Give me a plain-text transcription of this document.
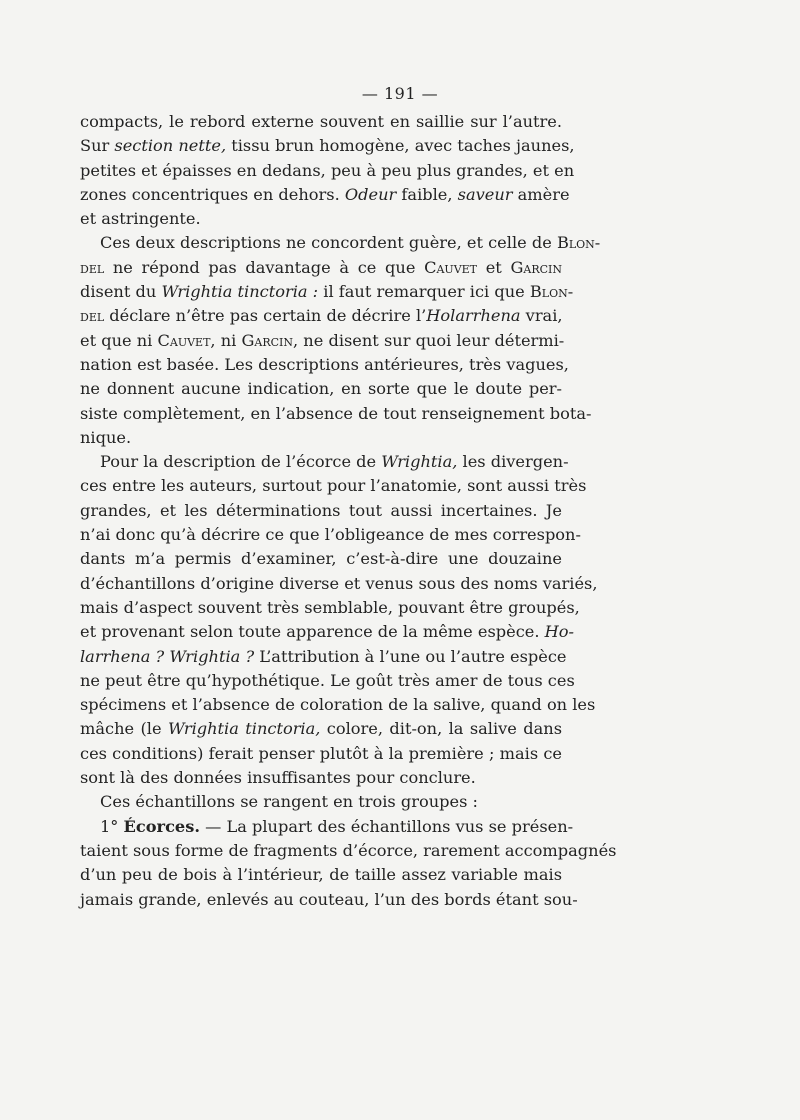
— 191 —
compacts, le rebord externe souvent en saillie sur l’autre.
Sur section nette, tissu brun homogène, avec taches jaunes,
petites et épaisses en dedans, peu à peu plus grandes, et en
zones concentriques en dehors. Odeur faible, saveur amère
et astringente.
Ces deux descriptions ne concordent guère, et celle de Blon-
del ne répond pas davantage à ce que Cauvet et Garcin
disent du Wrightia tinctoria : il faut remarquer ici que Blon-
del déclare n’être pas certain de décrire l’Holarrhena vrai,
et que ni Cauvet, ni Garcin, ne disent sur quoi leur détermi-
nation est basée. Les descriptions antérieures, très vagues,
ne donnent aucune indication, en sorte que le doute per-
siste complètement, en l’absence de tout renseignement bota-
nique.
Pour la description de l’écorce de Wrightia, les divergen-
ces entre les auteurs, surtout pour l’anatomie, sont aussi très
grandes, et les déterminations tout aussi incertaines. Je
n’ai donc qu’à décrire ce que l’obligeance de mes correspon-
dants m’a permis d’examiner, c’est-à-dire une douzaine
d’échantillons d’origine diverse et venus sous des noms variés,
mais d’aspect souvent très semblable, pouvant être groupés,
et provenant selon toute apparence de la même espèce. Ho-
larrhena ? Wrightia ? L’attribution à l’une ou l’autre espèce
ne peut être qu’hypothétique. Le goût très amer de tous ces
spécimens et l’absence de coloration de la salive, quand on les
mâche (le Wrightia tinctoria, colore, dit-on, la salive dans
ces conditions) ferait penser plutôt à la première ; mais ce
sont là des données insuffisantes pour conclure.
Ces échantillons se rangent en trois groupes :
1° Écorces. — La plupart des échantillons vus se présen-
taient sous forme de fragments d’écorce, rarement accompagnés
d’un peu de bois à l’intérieur, de taille assez variable mais
jamais grande, enlevés au couteau, l’un des bords étant sou-
